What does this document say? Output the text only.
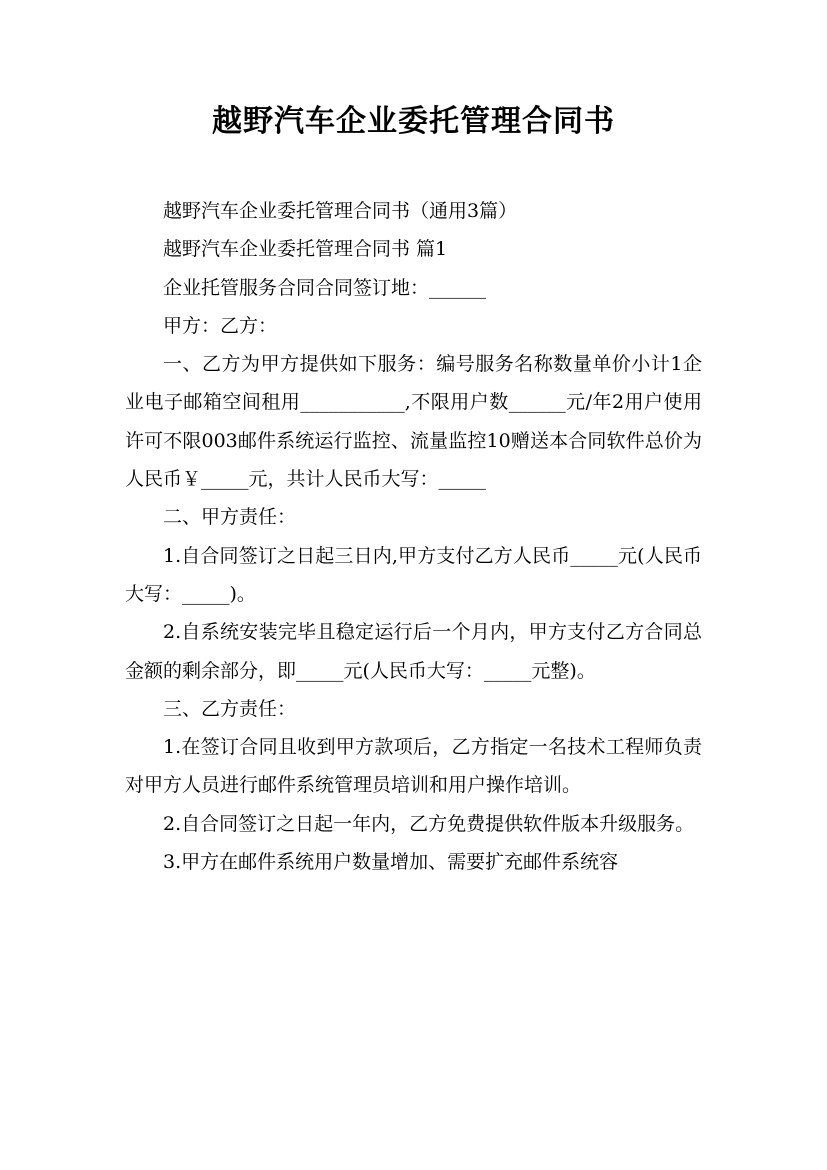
越野汽车企业委托管理合同书

越野汽车企业委托管理合同书（通用3篇）

越野汽车企业委托管理合同书 篇1

企业托管服务合同合同签订地：______

甲方：乙方：

一、乙方为甲方提供如下服务：编号服务名称数量单价小计1企业电子邮箱空间租用___________,不限用户数______元/年2用户使用许可不限003邮件系统运行监控、流量监控10赠送本合同软件总价为人民币￥_____元，共计人民币大写：_____

二、甲方责任：

1.自合同签订之日起三日内,甲方支付乙方人民币_____元(人民币大写：_____)。

2.自系统安装完毕且稳定运行后一个月内，甲方支付乙方合同总金额的剩余部分，即_____元(人民币大写：_____元整)。

三、乙方责任：

1.在签订合同且收到甲方款项后，乙方指定一名技术工程师负责对甲方人员进行邮件系统管理员培训和用户操作培训。

2.自合同签订之日起一年内，乙方免费提供软件版本升级服务。

3.甲方在邮件系统用户数量增加、需要扩充邮件系统容
